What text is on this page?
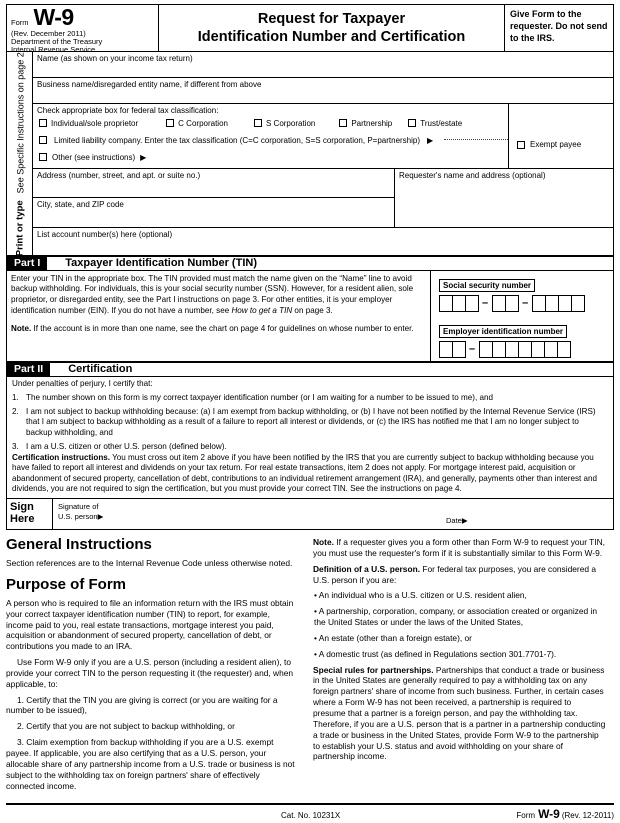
Form W-9
(Rev. December 2011)
Department of the Treasury
Internal Revenue Service
Request for Taxpayer
Identification Number and Certification
Give Form to the requester. Do not send to the IRS.
Print or type
See Specific Instructions on page 2.	Name (as shown on your income tax return)
Business name/disregarded entity name, if different from above
Check appropriate box for federal tax classification:
Individual/sole proprietor	C Corporation	S Corporation	Partnership	Trust/estate
Limited liability company. Enter the tax classification (C=C corporation, S=S corporation, P=partnership) ▶
Other (see instructions) ▶
Exempt payee
Address (number, street, and apt. or suite no.)
City, state, and ZIP code
Requester's name and address (optional)
List account number(s) here (optional)
Part I	Taxpayer Identification Number (TIN)
Enter your TIN in the appropriate box. The TIN provided must match the name given on the “Name” line to avoid backup withholding. For individuals, this is your social security number (SSN). However, for a resident alien, sole proprietor, or disregarded entity, see the Part I instructions on page 3. For other entities, it is your employer identification number (EIN). If you do not have a number, see How to get a TIN on page 3.
Note. If the account is in more than one name, see the chart on page 4 for guidelines on whose number to enter.
Social security number
–	–
Employer identification number
–
Part II	Certification

Under penalties of perjury, I certify that:

1. The number shown on this form is my correct taxpayer identification number (or I am waiting for a number to be issued to me), and

2. I am not subject to backup withholding because: (a) I am exempt from backup withholding, or (b) I have not been notified by the Internal Revenue Service (IRS) that I am subject to backup withholding as a result of a failure to report all interest or dividends, or (c) the IRS has notified me that I am no longer subject to backup withholding, and

3. I am a U.S. citizen or other U.S. person (defined below).

Certification instructions. You must cross out item 2 above if you have been notified by the IRS that you are currently subject to backup withholding because you have failed to report all interest and dividends on your tax return. For real estate transactions, item 2 does not apply. For mortgage interest paid, acquisition or abandonment of secured property, cancellation of debt, contributions to an individual retirement arrangement (IRA), and generally, payments other than interest and dividends, you are not required to sign the certification, but you must provide your correct TIN. See the instructions on page 4.

Sign
Here
Signature of
U.S. person▶	Date▶
General Instructions

Section references are to the Internal Revenue Code unless otherwise noted.

Purpose of Form

A person who is required to file an information return with the IRS must obtain your correct taxpayer identification number (TIN) to report, for example, income paid to you, real estate transactions, mortgage interest you paid, acquisition or abandonment of secured property, cancellation of debt, or contributions you made to an IRA.

Use Form W-9 only if you are a U.S. person (including a resident alien), to provide your correct TIN to the person requesting it (the requester) and, when applicable, to:

1. Certify that the TIN you are giving is correct (or you are waiting for a number to be issued),

2. Certify that you are not subject to backup withholding, or

3. Claim exemption from backup withholding if you are a U.S. exempt payee. If applicable, you are also certifying that as a U.S. person, your allocable share of any partnership income from a U.S. trade or business is not subject to the withholding tax on foreign partners' share of effectively connected income.

Note. If a requester gives you a form other than Form W-9 to request your TIN, you must use the requester's form if it is substantially similar to this Form W-9.

Definition of a U.S. person. For federal tax purposes, you are considered a U.S. person if you are:

• An individual who is a U.S. citizen or U.S. resident alien,

• A partnership, corporation, company, or association created or organized in the United States or under the laws of the United States,

• An estate (other than a foreign estate), or

• A domestic trust (as defined in Regulations section 301.7701-7).

Special rules for partnerships. Partnerships that conduct a trade or business in the United States are generally required to pay a withholding tax on any foreign partners' share of income from such business. Further, in certain cases where a Form W-9 has not been received, a partnership is required to presume that a partner is a foreign person, and pay the withholding tax. Therefore, if you are a U.S. person that is a partner in a partnership conducting a trade or business in the United States, provide Form W-9 to the partnership to establish your U.S. status and avoid withholding on your share of partnership income.

Cat. No. 10231X	Form W-9 (Rev. 12-2011)
